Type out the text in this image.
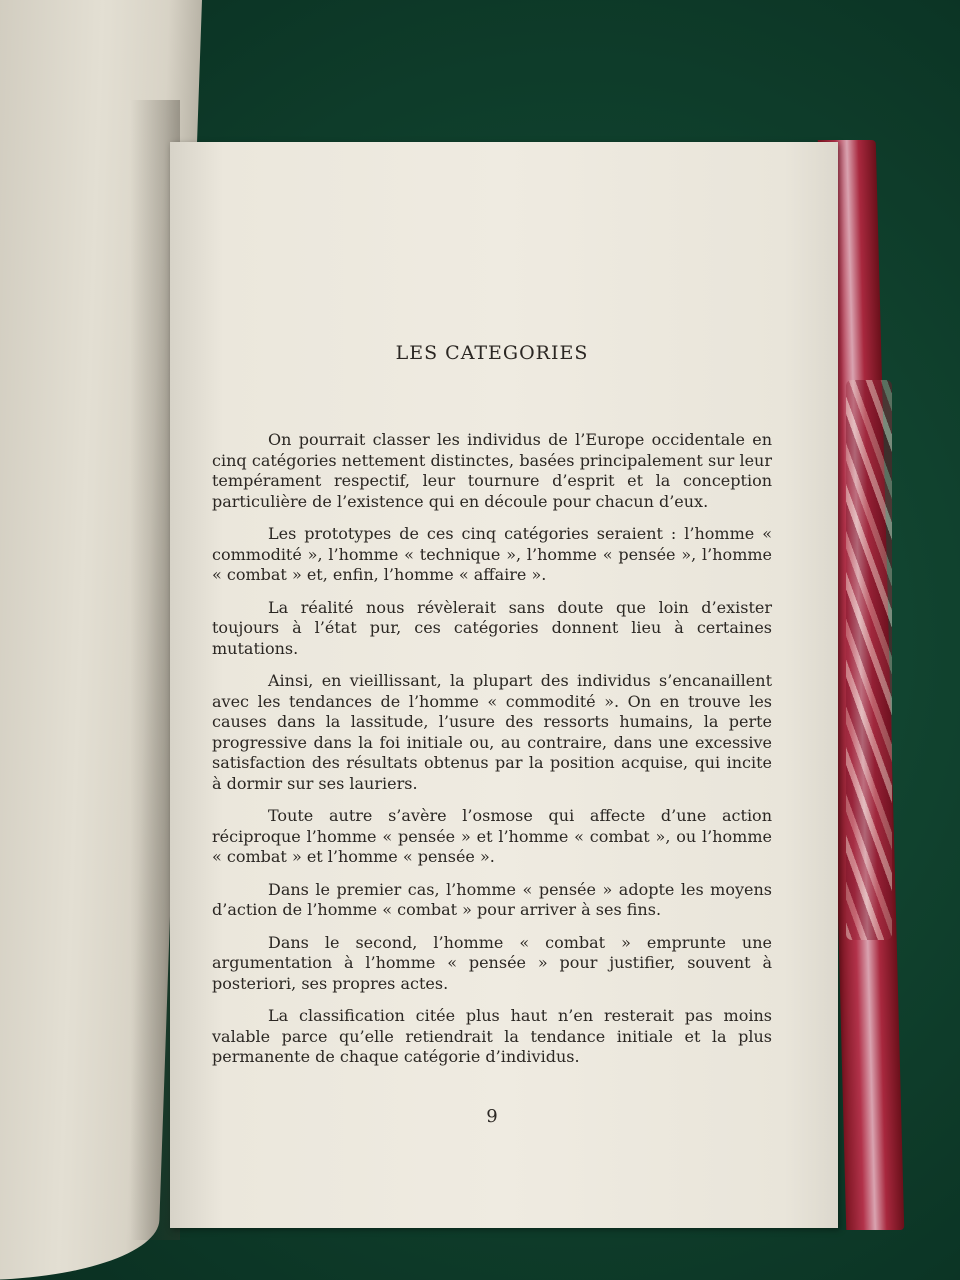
LES CATEGORIES

On pourrait classer les individus de l’Europe occidentale en cinq catégories nettement distinctes, basées principalement sur leur tempérament respectif, leur tournure d’esprit et la conception particulière de l’existence qui en découle pour chacun d’eux.

Les prototypes de ces cinq catégories seraient : l’homme « commodité », l’homme « technique », l’homme « pensée », l’homme « combat » et, enfin, l’homme « affaire ».

La réalité nous révèlerait sans doute que loin d’exister toujours à l’état pur, ces catégories donnent lieu à certaines mutations.

Ainsi, en vieillissant, la plupart des individus s’encanaillent avec les tendances de l’homme « commodité ». On en trouve les causes dans la lassitude, l’usure des ressorts humains, la perte progressive dans la foi initiale ou, au contraire, dans une excessive satisfaction des résultats obtenus par la position acquise, qui incite à dormir sur ses lauriers.

Toute autre s’avère l’osmose qui affecte d’une action réciproque l’homme « pensée » et l’homme « combat », ou l’homme « combat » et l’homme « pensée ».

Dans le premier cas, l’homme « pensée » adopte les moyens d’action de l’homme « combat » pour arriver à ses fins.

Dans le second, l’homme « combat » emprunte une argumentation à l’homme « pensée » pour justifier, souvent à posteriori, ses propres actes.

La classification citée plus haut n’en resterait pas moins valable parce qu’elle retiendrait la tendance initiale et la plus permanente de chaque catégorie d’individus.

9
